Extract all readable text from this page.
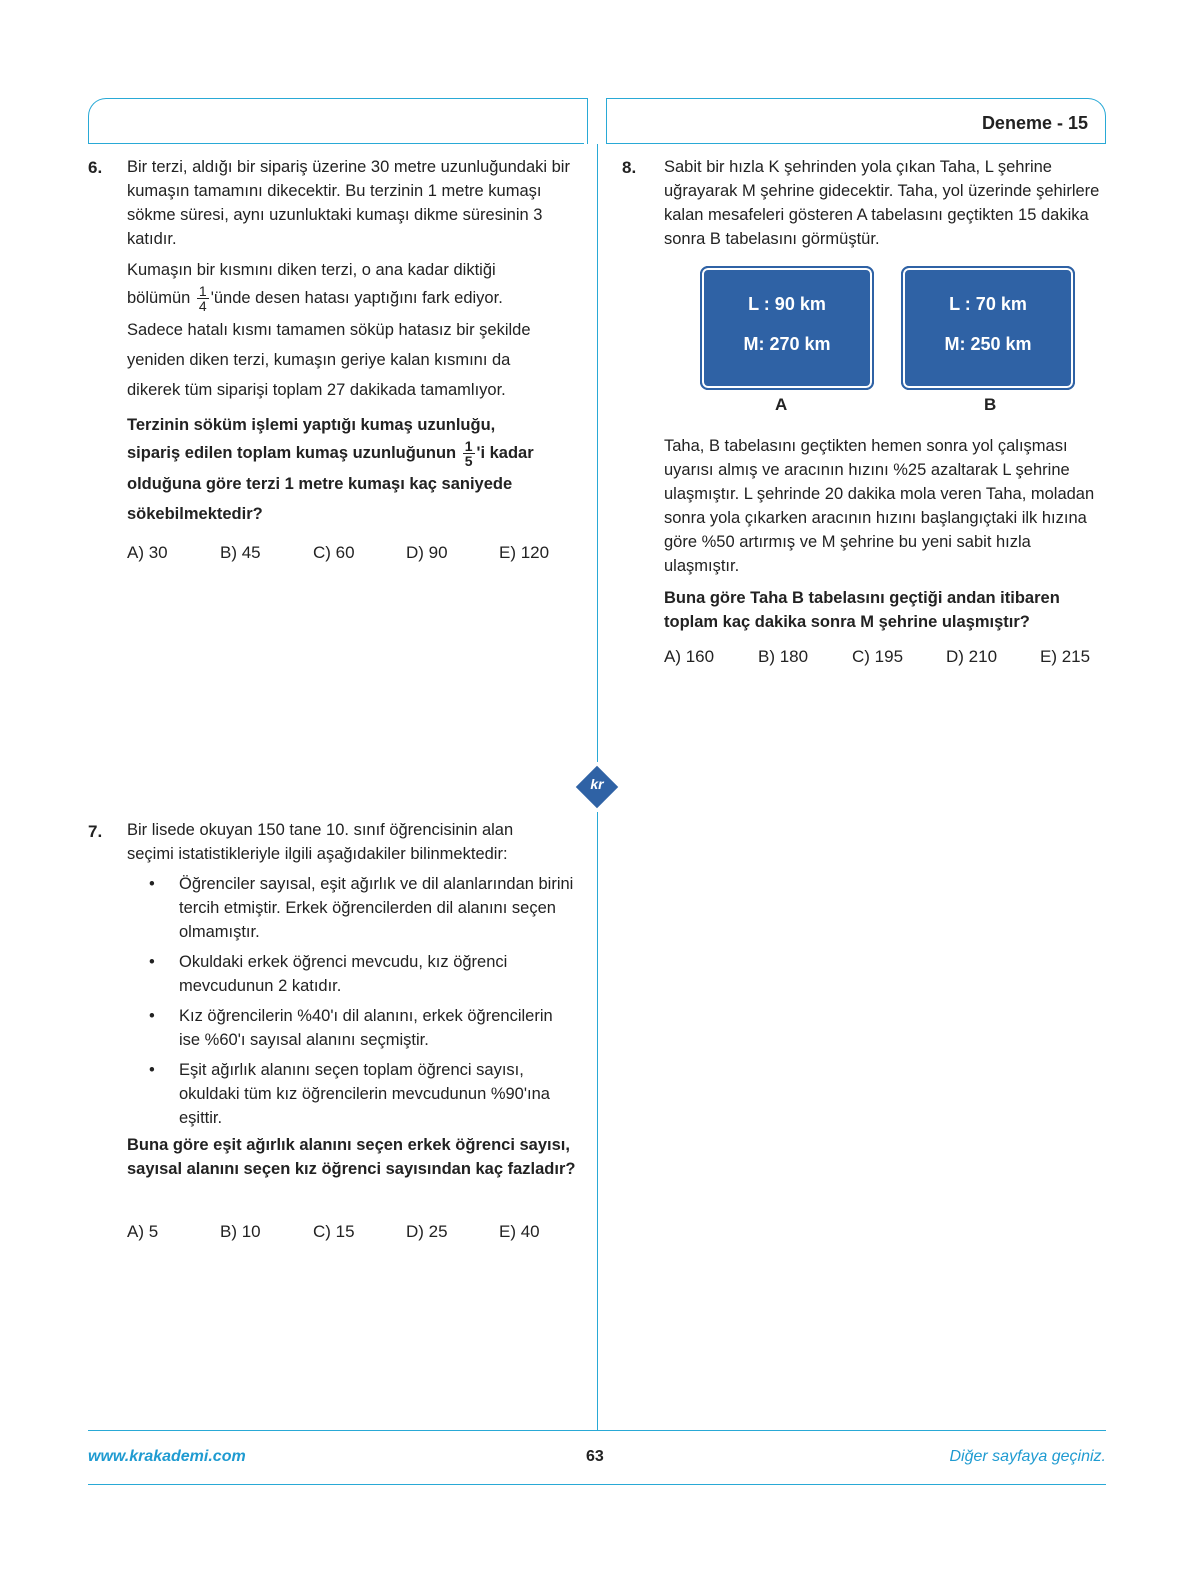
Deneme - 15
kr
6. Bir terzi, aldığı bir sipariş üzerine 30 metre uzunluğundaki bir kumaşın tamamını dikecektir. Bu terzinin 1 metre kumaşı sökme süresi, aynı uzunluktaki kumaşı dikme süresinin 3 katıdır.

Kumaşın bir kısmını diken terzi, o ana kadar diktiği

bölümün $\frac{1}{4}$ 'ünde desen hatası yaptığını fark ediyor.

Sadece hatalı kısmı tamamen söküp hatasız bir şekilde

yeniden diken terzi, kumaşın geriye kalan kısmını da

dikerek tüm siparişi toplam 27 dakikada tamamlıyor.

Terzinin söküm işlemi yaptığı kumaş uzunluğu,

sipariş edilen toplam kumaş uzunluğunun $\frac{1}{5}$ 'i kadar

olduğuna göre terzi 1 metre kumaşı kaç saniyede

sökebilmektedir?

A) 30	B) 45	C) 60	D) 90	E) 120
7. Bir lisede okuyan 150 tane 10. sınıf öğrencisinin alan seçimi istatistikleriyle ilgili aşağıdakiler bilinmektedir:

• Öğrenciler sayısal, eşit ağırlık ve dil alanlarından birini tercih etmiştir. Erkek öğrencilerden dil alanını seçen olmamıştır.
• Okuldaki erkek öğrenci mevcudu, kız öğrenci mevcudunun 2 katıdır.
• Kız öğrencilerin %40'ı dil alanını, erkek öğrencilerin ise %60'ı sayısal alanını seçmiştir.
• Eşit ağırlık alanını seçen toplam öğrenci sayısı, okuldaki tüm kız öğrencilerin mevcudunun %90'ına eşittir.

Buna göre eşit ağırlık alanını seçen erkek öğrenci sayısı, sayısal alanını seçen kız öğrenci sayısından kaç fazladır?

A) 5	B) 10	C) 15	D) 25	E) 40
8. Sabit bir hızla K şehrinden yola çıkan Taha, L şehrine uğrayarak M şehrine gidecektir. Taha, yol üzerinde şehirlere kalan mesafeleri gösteren A tabelasını geçtikten 15 dakika sonra B tabelasını görmüştür.

L : 90 km
M: 270 km
L : 70 km
M: 250 km
A	B

Taha, B tabelasını geçtikten hemen sonra yol çalışması uyarısı almış ve aracının hızını %25 azaltarak L şehrine ulaşmıştır. L şehrinde 20 dakika mola veren Taha, moladan sonra yola çıkarken aracının hızını başlangıçtaki ilk hızına göre %50 artırmış ve M şehrine bu yeni sabit hızla ulaşmıştır.

Buna göre Taha B tabelasını geçtiği andan itibaren toplam kaç dakika sonra M şehrine ulaşmıştır?

A) 160	B) 180	C) 195	D) 210	E) 215
www.krakademi.com	63	Diğer sayfaya geçiniz.
